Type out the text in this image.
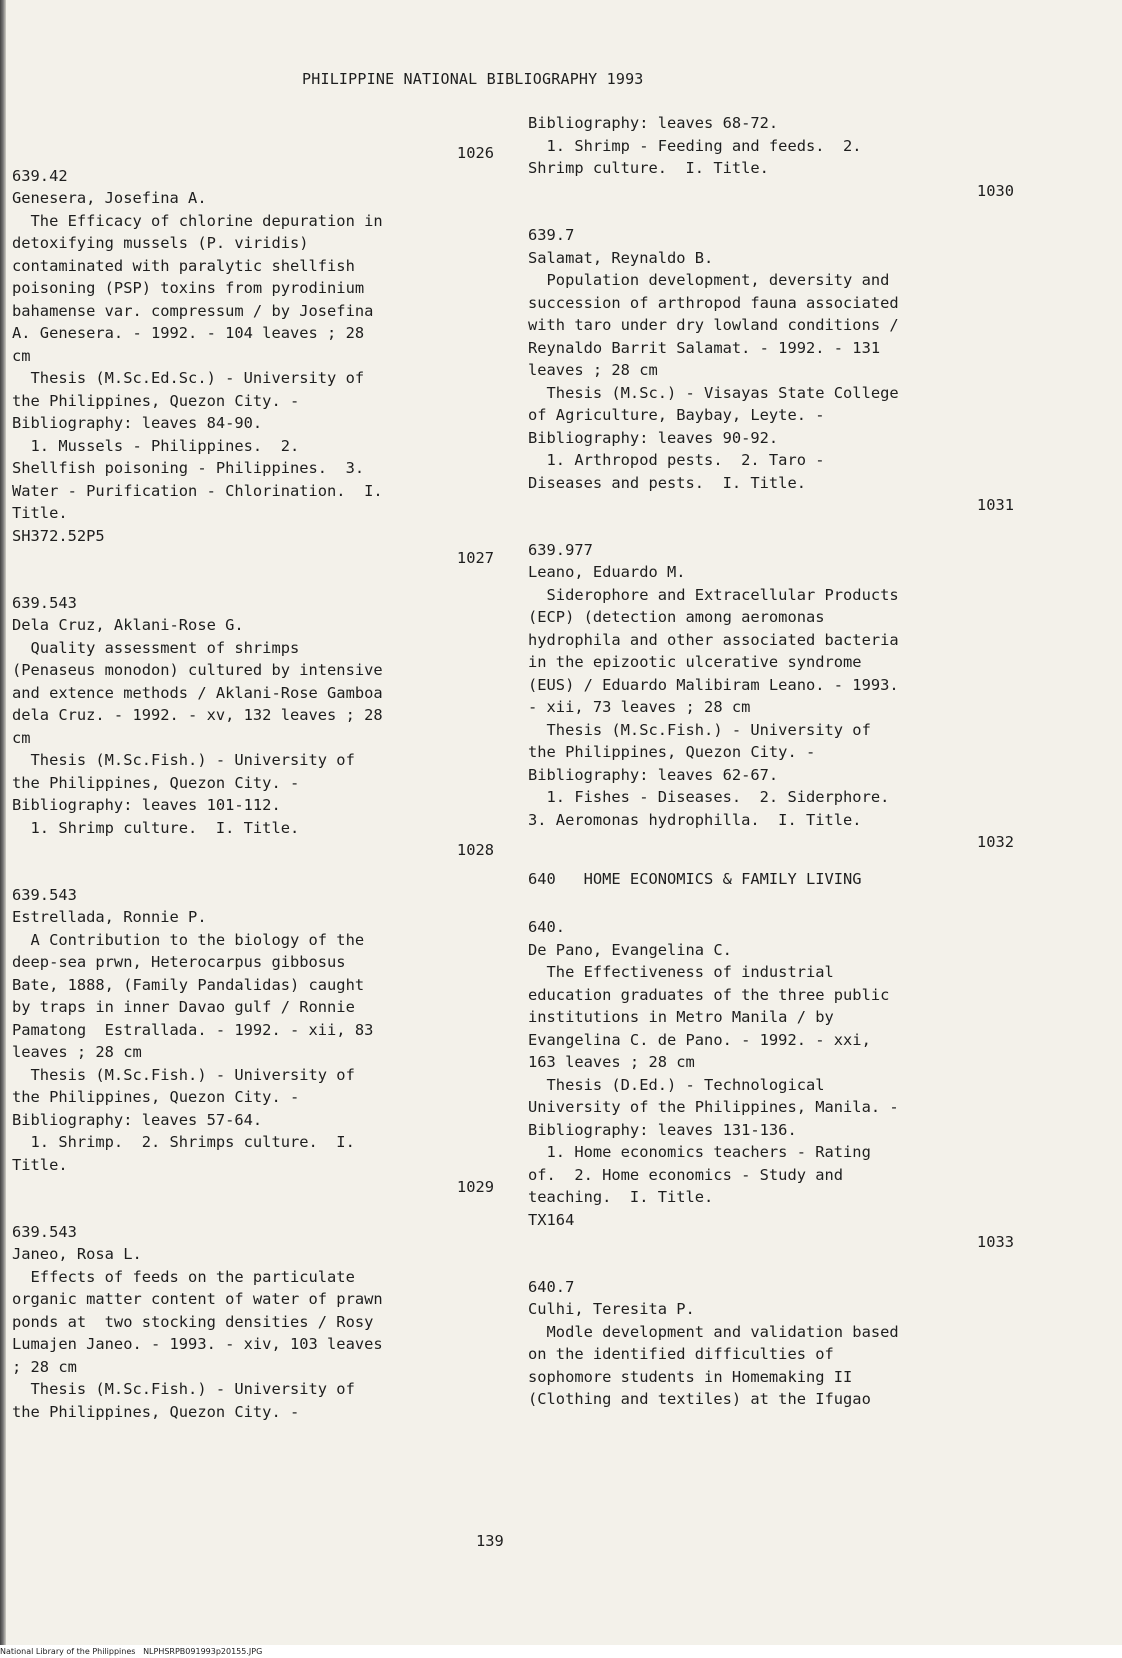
PHILIPPINE NATIONAL BIBLIOGRAPHY 1993
1026
639.42
Genesera, Josefina A.
The Efficacy of chlorine depuration in
detoxifying mussels (P. viridis)
contaminated with paralytic shellfish
poisoning (PSP) toxins from pyrodinium
bahamense var. compressum / by Josefina
A. Genesera. - 1992. - 104 leaves ; 28
cm
Thesis (M.Sc.Ed.Sc.) - University of
the Philippines, Quezon City. -
Bibliography: leaves 84-90.
1. Mussels - Philippines.  2.
Shellfish poisoning - Philippines.  3.
Water - Purification - Chlorination.  I.
Title.
SH372.52P5
1027
639.543
Dela Cruz, Aklani-Rose G.
Quality assessment of shrimps
(Penaseus monodon) cultured by intensive
and extence methods / Aklani-Rose Gamboa
dela Cruz. - 1992. - xv, 132 leaves ; 28
cm
Thesis (M.Sc.Fish.) - University of
the Philippines, Quezon City. -
Bibliography: leaves 101-112.
1. Shrimp culture.  I. Title.
1028
639.543
Estrellada, Ronnie P.
A Contribution to the biology of the
deep-sea prwn, Heterocarpus gibbosus
Bate, 1888, (Family Pandalidas) caught
by traps in inner Davao gulf / Ronnie
Pamatong  Estrallada. - 1992. - xii, 83
leaves ; 28 cm
Thesis (M.Sc.Fish.) - University of
the Philippines, Quezon City. -
Bibliography: leaves 57-64.
1. Shrimp.  2. Shrimps culture.  I.
Title.
1029
639.543
Janeo, Rosa L.
Effects of feeds on the particulate
organic matter content of water of prawn
ponds at  two stocking densities / Rosy
Lumajen Janeo. - 1993. - xiv, 103 leaves
; 28 cm
Thesis (M.Sc.Fish.) - University of
the Philippines, Quezon City. -
Bibliography: leaves 68-72.
1. Shrimp - Feeding and feeds.  2.
Shrimp culture.  I. Title.
1030
639.7
Salamat, Reynaldo B.
Population development, deversity and
succession of arthropod fauna associated
with taro under dry lowland conditions /
Reynaldo Barrit Salamat. - 1992. - 131
leaves ; 28 cm
Thesis (M.Sc.) - Visayas State College
of Agriculture, Baybay, Leyte. -
Bibliography: leaves 90-92.
1. Arthropod pests.  2. Taro -
Diseases and pests.  I. Title.
1031
639.977
Leano, Eduardo M.
Siderophore and Extracellular Products
(ECP) (detection among aeromonas
hydrophila and other associated bacteria
in the epizootic ulcerative syndrome
(EUS) / Eduardo Malibiram Leano. - 1993.
- xii, 73 leaves ; 28 cm
Thesis (M.Sc.Fish.) - University of
the Philippines, Quezon City. -
Bibliography: leaves 62-67.
1. Fishes - Diseases.  2. Siderphore.
3. Aeromonas hydrophilla.  I. Title.
1032
640   HOME ECONOMICS & FAMILY LIVING
640.
De Pano, Evangelina C.
The Effectiveness of industrial
education graduates of the three public
institutions in Metro Manila / by
Evangelina C. de Pano. - 1992. - xxi,
163 leaves ; 28 cm
Thesis (D.Ed.) - Technological
University of the Philippines, Manila. -
Bibliography: leaves 131-136.
1. Home economics teachers - Rating
of.  2. Home economics - Study and
teaching.  I. Title.
TX164
1033
640.7
Culhi, Teresita P.
Modle development and validation based
on the identified difficulties of
sophomore students in Homemaking II
(Clothing and textiles) at the Ifugao
139
National Library of the Philippines NLPHSRPB091993p20155.JPG
